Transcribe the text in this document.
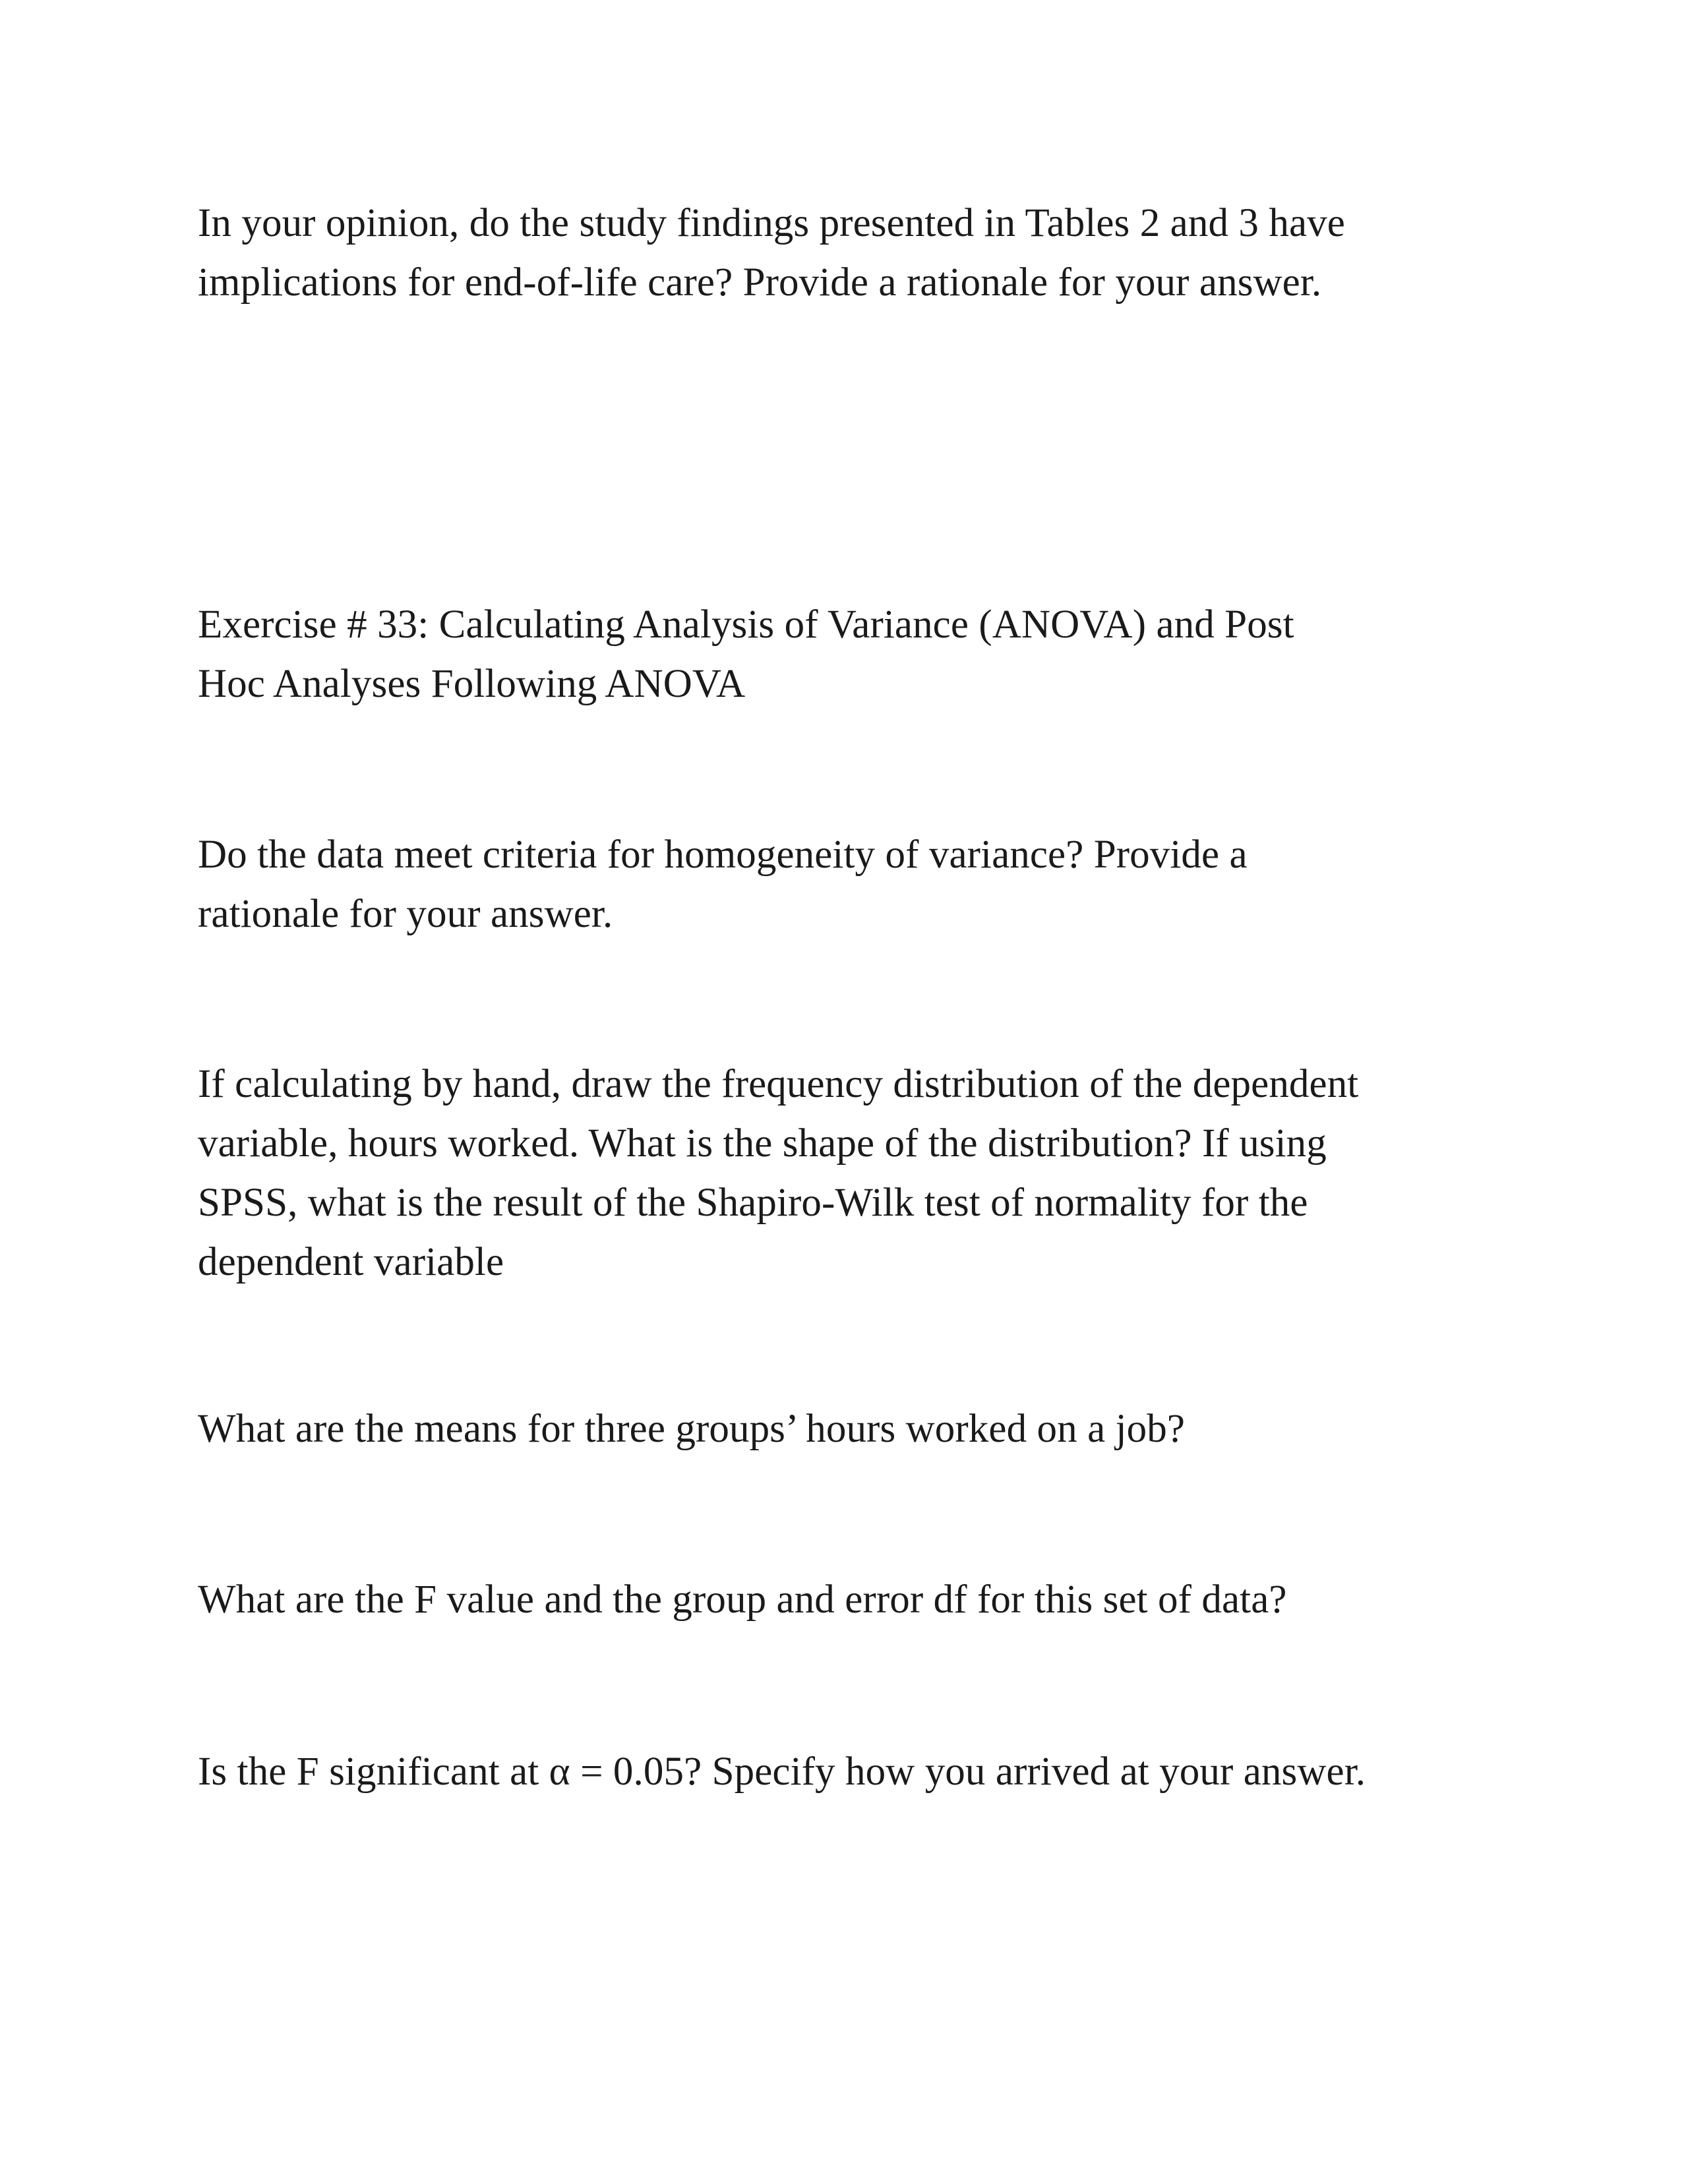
In your opinion, do the study findings presented in Tables 2 and 3 have
implications for end-of-life care? Provide a rationale for your answer.

Exercise # 33: Calculating Analysis of Variance (ANOVA) and Post
Hoc Analyses Following ANOVA

Do the data meet criteria for homogeneity of variance? Provide a
rationale for your answer.

If calculating by hand, draw the frequency distribution of the dependent
variable, hours worked. What is the shape of the distribution? If using
SPSS, what is the result of the Shapiro-Wilk test of normality for the
dependent variable

What are the means for three groups’ hours worked on a job?

What are the F value and the group and error df for this set of data?

Is the F significant at α = 0.05? Specify how you arrived at your answer.
